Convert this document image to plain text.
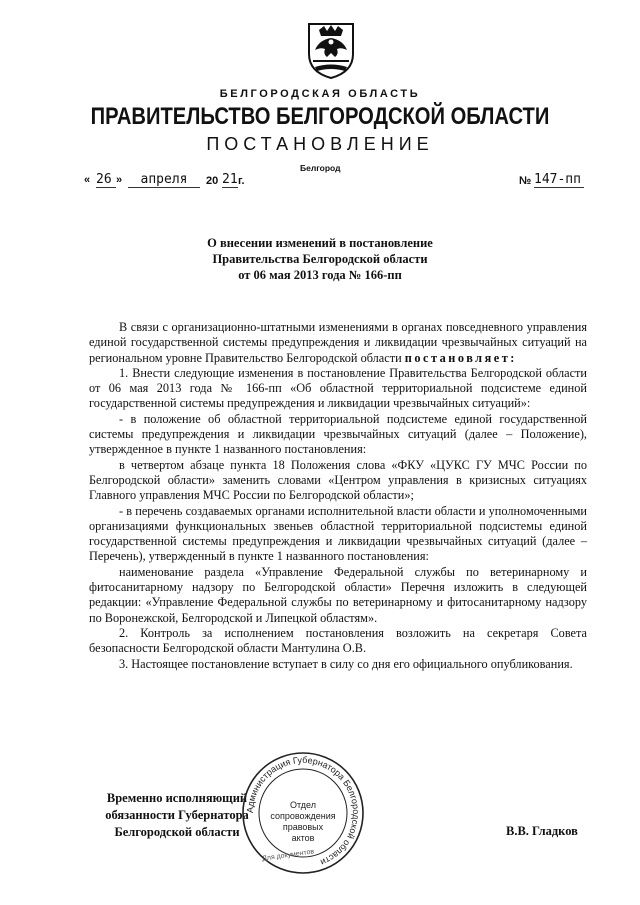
БЕЛГОРОДСКАЯ ОБЛАСТЬ
ПРАВИТЕЛЬСТВО БЕЛГОРОДСКОЙ ОБЛАСТИ
ПОСТАНОВЛЕНИЕ
Белгород
« 26 »	апреля	20 21 г.	№ 147-пп
О внесении изменений в постановление
Правительства Белгородской области
от 06 мая 2013 года № 166-пп

В связи с организационно-штатными изменениями в органах повседневного управления единой государственной системы предупреждения и ликвидации чрезвычайных ситуаций на региональном уровне Правительство Белгородской области постановляет:

1. Внести следующие изменения в постановление Правительства Белгородской области от 06 мая 2013 года № 166-пп «Об областной территориальной подсистеме единой государственной системы предупреждения и ликвидации чрезвычайных ситуаций»:

- в положение об областной территориальной подсистеме единой государственной системы предупреждения и ликвидации чрезвычайных ситуаций (далее – Положение), утвержденное в пункте 1 названного постановления:

в четвертом абзаце пункта 18 Положения слова «ФКУ «ЦУКС ГУ МЧС России по Белгородской области» заменить словами «Центром управления в кризисных ситуациях Главного управления МЧС России по Белгородской области»;

- в перечень создаваемых органами исполнительной власти области и уполномоченными организациями функциональных звеньев областной территориальной подсистемы единой государственной системы предупреждения и ликвидации чрезвычайных ситуаций (далее – Перечень), утвержденный в пункте 1 названного постановления:

наименование раздела «Управление Федеральной службы по ветеринарному и фитосанитарному надзору по Белгородской области» Перечня изложить в следующей редакции: «Управление Федеральной службы по ветеринарному и фитосанитарному надзору по Воронежской, Белгородской и Липецкой областям».

2. Контроль за исполнением постановления возложить на секретаря Совета безопасности Белгородской области Мантулина О.В.

3. Настоящее постановление вступает в силу со дня его официального опубликования.

Временно исполняющий
обязанности Губернатора
Белгородской области
Администрация Губернатора Белгородской области
Отдел
сопровождения
правовых
актов
Для документов
В.В. Гладков
